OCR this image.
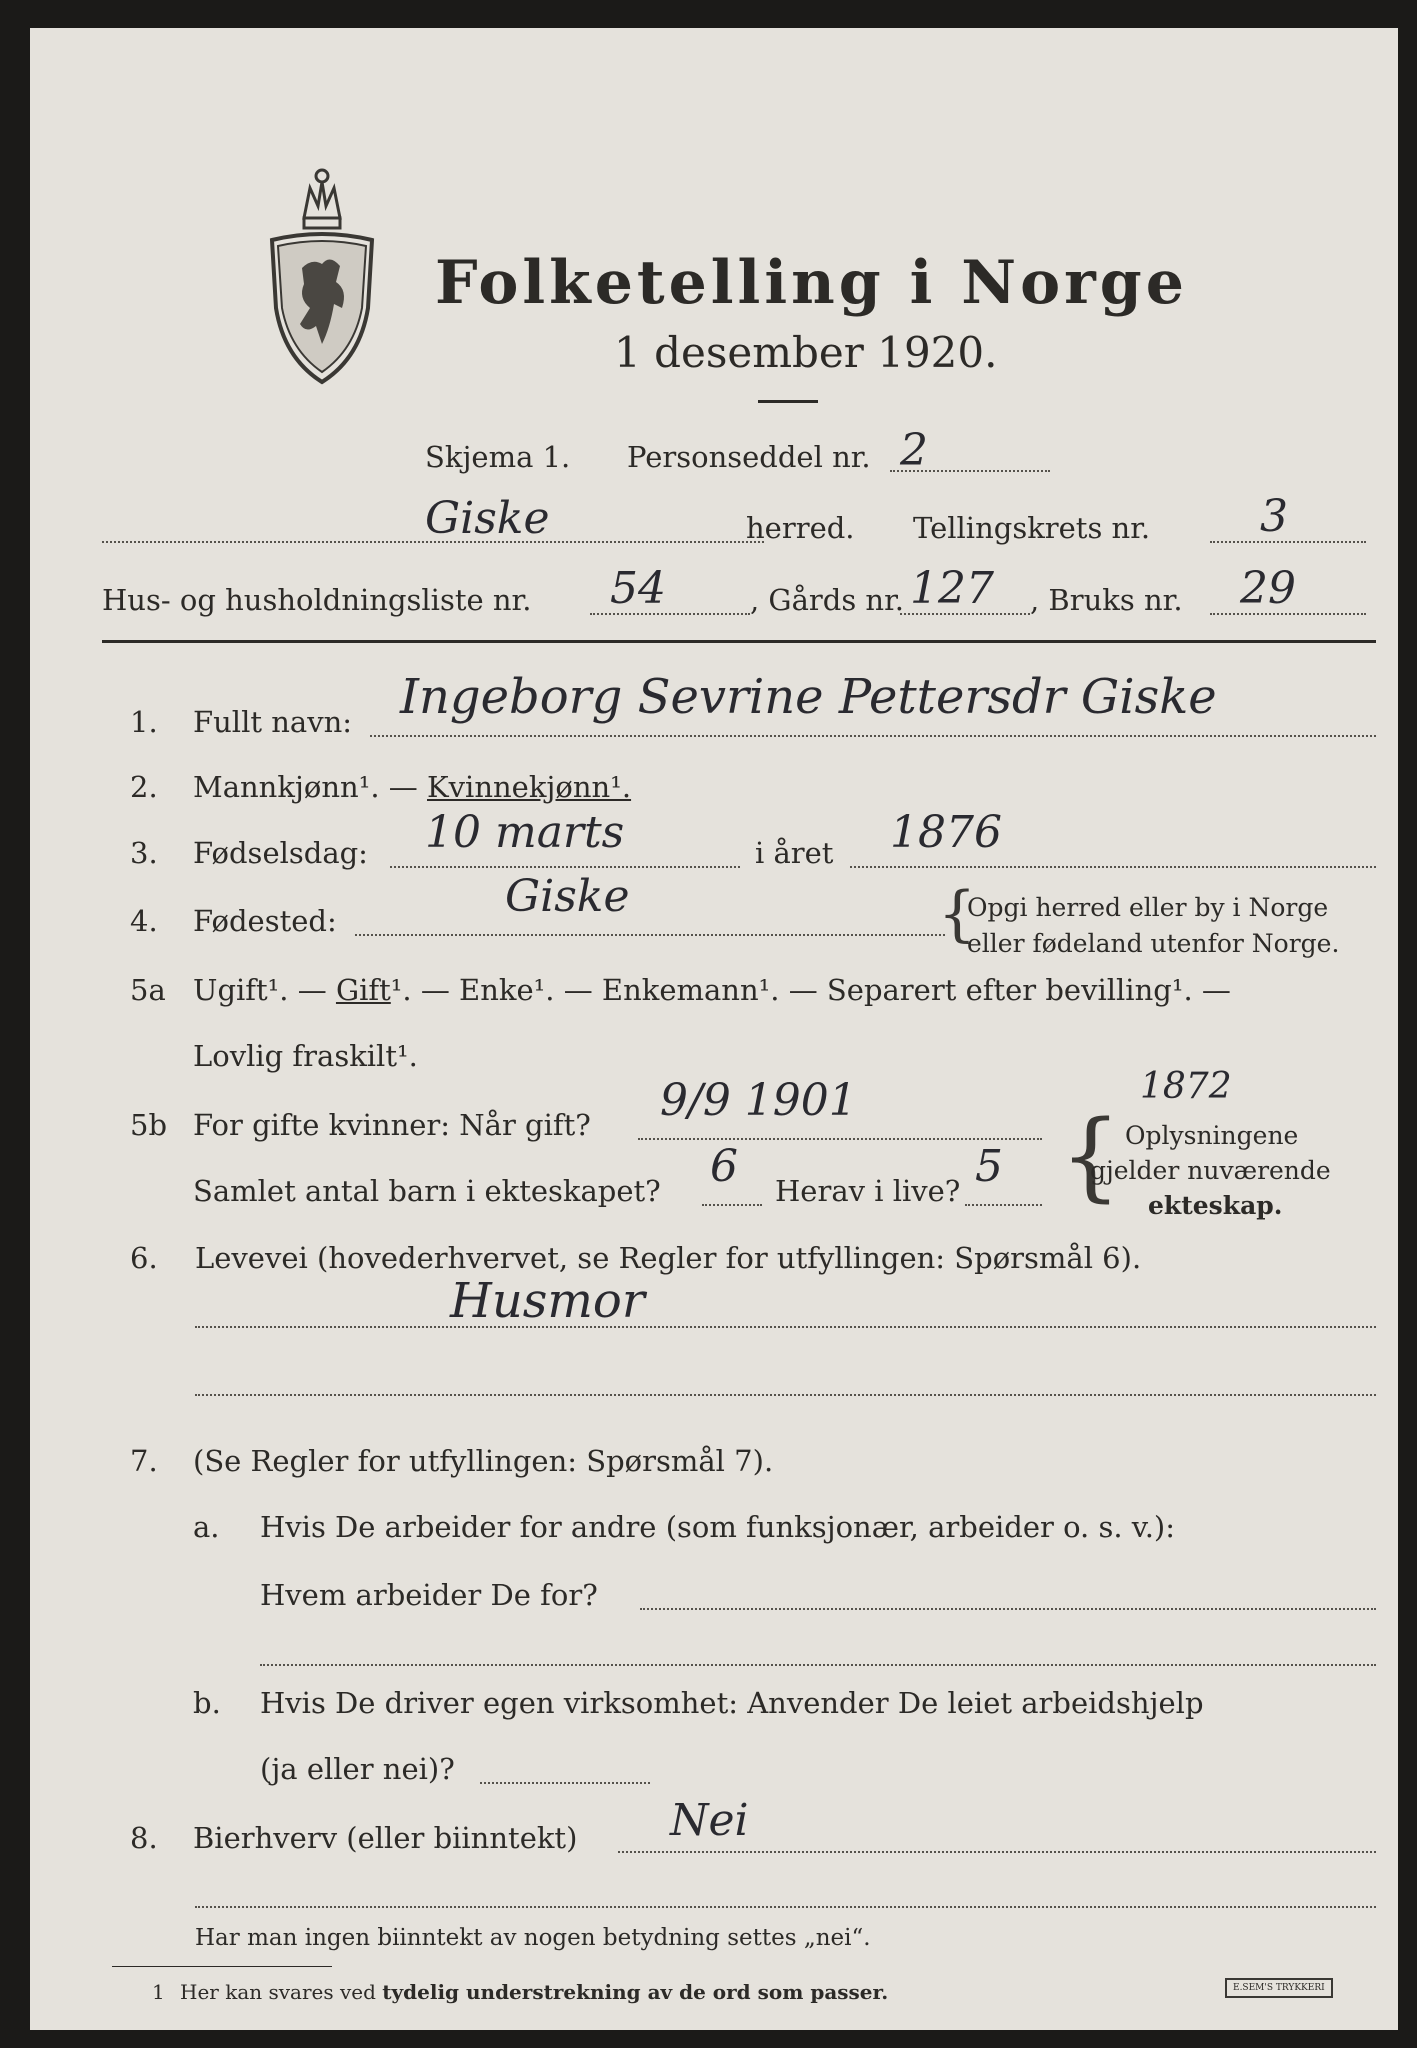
Folketelling i Norge
1 desember 1920.
Skjema 1. Personseddel nr. 2
Giske	herred. Tellingskrets nr. 3
Hus- og husholdningsliste nr. 54	, Gårds nr. 127 , Bruks nr. 29
1.	Fullt navn: Ingeborg Sevrine Pettersdr Giske
2.	Mannkjønn¹. — Kvinnekjønn¹.
3.	Fødselsdag: 10 marts	i året 1876
4.	Fødested:	Giske	{
Opgi herred eller by i Norge
eller fødeland utenfor Norge.
5a Ugift¹. — Gift¹. — Enke¹. — Enkemann¹. — Separert efter bevilling¹. —
Lovlig fraskilt¹.
5b For gifte kvinner: Når gift? 9/9 1901	1872
Samlet antal barn i ekteskapet? 6 Herav i live? 5 { Oplysningene
gjelder nuværende
ekteskap.
6.	Levevei (hovederhvervet, se Regler for utfyllingen: Spørsmål 6).
Husmor
7.	(Se Regler for utfyllingen: Spørsmål 7).
a. Hvis De arbeider for andre (som funksjonær, arbeider o. s. v.):
Hvem arbeider De for?
b. Hvis De driver egen virksomhet: Anvender De leiet arbeidshjelp
(ja eller nei)?
8.	Bierhverv (eller biinntekt) Nei
Har man ingen biinntekt av nogen betydning settes „nei“.
1 Her kan svares ved tydelig understrekning av de ord som passer.	E.SEM'S TRYKKERI
